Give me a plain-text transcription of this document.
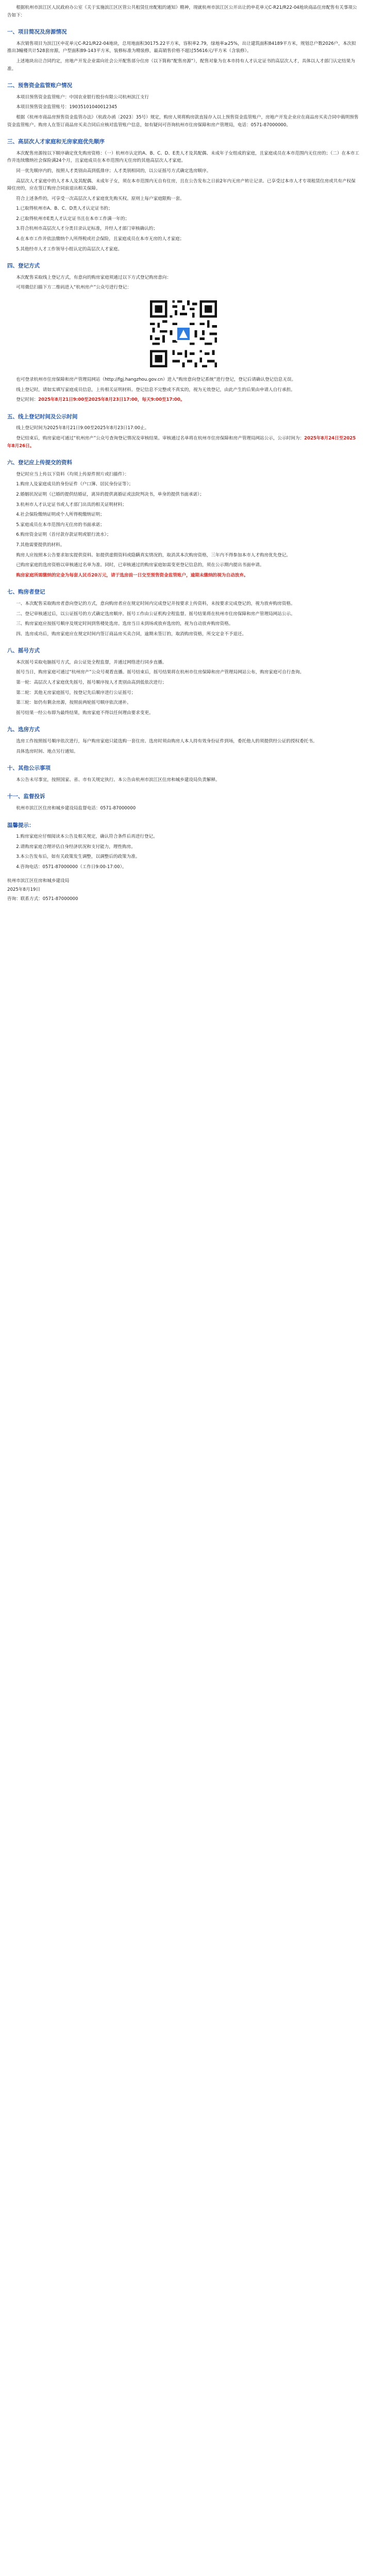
根据杭州市滨江区人民政府办公室《关于实施滨江区区管公共租赁住房配租的通知》精神，现就杭州市滨江区公开出让的申花单元C-R21/R22-04地块商品住房配售有关事项公告如下：

一、项目简况及房源情况

本次销售项目为滨江区申花单元C-R21/R22-04地块，总用地面积30175.22平方米，容积率2.79，绿地率≥25%，出让建筑面积84189平方米，规划总户数2026户，本次拟推出3幢楼共计528套房源，户型面积89-143平方米，装修标准为精装修，最高销售价格不超过55616元/平方米（含装修）。

上述地块出让合同约定，房地产开发企业需向社会公开配售部分住房（以下简称“配售房源”），配售对象为在本市持有人才认定证书的高层次人才，具体以人才部门认定结果为准。

二、预售资金监管账户情况

本项目预售资金监管账户：中国农业银行股份有限公司杭州滨江支行

本项目预售资金监管账号：19035101040012345

根据《杭州市商品房预售资金监管办法》（杭政办函〔2023〕35号）规定，购房人须将购房款直接存入以上预售资金监管账户，房地产开发企业应在商品房买卖合同中载明预售资金监管账户。购房人在签订商品房买卖合同后应核对监管账户信息，如有疑问可咨询杭州市住房保障和房产管理局，电话：0571-87000000。

三、高层次人才家庭和无房家庭优先顺序

本次配售房源按以下顺序确定优先购房资格：（一）杭州市认定的A、B、C、D、E类人才及其配偶、未成年子女组成的家庭，且家庭成员在本市范围内无住房的；（二）在本市工作并连续缴纳社会保险满24个月，且家庭成员在本市范围内无住房的其他高层次人才家庭。

同一优先顺序内的，按照人才类别由高到低排序；人才类别相同的，以公证摇号方式确定选房顺序。

高层次人才家庭中的人才本人及其配偶、未成年子女，须在本市范围内无自有住房，且在公告发布之日前2年内无房产转让记录。已享受过本市人才专项租赁住房或共有产权保障住房的，应在签订购房合同前退出相关保障。

符合上述条件的，可享受一次高层次人才家庭优先购买权。原则上每户家庭限购一套。

1.已取得杭州市A、B、C、D类人才认定证书的；

2.已取得杭州市E类人才认定证书且在本市工作满一年的；

3.符合杭州市高层次人才分类目录认定标准，并经人才部门审核确认的；

4.在本市工作并依法缴纳个人所得税或社会保险，且家庭成员在本市无房的人才家庭；

5.其他经市人才工作领导小组认定的高层次人才家庭。

四、登记方式

本次配售采取线上登记方式，有意向的购房家庭须通过以下方式登记购房意向：

可用微信扫描下方二维码进入“杭州房产”公众号进行登记：

也可登录杭州市住房保障和房产管理局网站（http://fgj.hangzhou.gov.cn）进入“购房意向登记系统”进行登记，登记后请确认登记信息无误。

线上登记时，请如实填写家庭成员信息，上传相关证明材料。登记信息不完整或不真实的，视为无效登记，由此产生的后果由申请人自行承担。

登记时间：2025年8月21日9:00至2025年8月23日17:00，每天9:00至17:00。

五、线上登记时间及公示时间

线上登记时间为2025年8月21日9:00至2025年8月23日17:00止。

登记结束后，购房家庭可通过“杭州房产”公众号查询登记情况及审核结果。审核通过名单将在杭州市住房保障和房产管理局网站公示，公示时间为：2025年8月24日至2025年8月26日。

六、登记应上传提交的资料

登记时应当上传以下资料（均须上传原件照片或扫描件）：

1.购房人及家庭成员的身份证件（户口簿、居民身份证等）；

2.婚姻状况证明（已婚的提供结婚证，离异的提供离婚证或法院判决书，单身的提供书面承诺）；

3.杭州市人才认定证书或人才部门出具的相关证明材料；

4.社会保险缴纳证明或个人所得税缴纳证明；

5.家庭成员在本市范围内无住房的书面承诺；

6.购房资金证明（首付款存款证明或银行流水）；

7.其他需要提供的材料。

购房人应按照本公告要求如实提供资料。如提供虚假资料或隐瞒真实情况的，取消其本次购房资格，三年内不得参加本市人才购房优先登记。

已购房家庭的选房资格以审核通过名单为准。同时，已审核通过的购房家庭如需变更登记信息的，须在公示期内提出书面申请。

购房家庭所需缴纳的定金为每套人民币20万元，请于选房前一日交至预售资金监管账户，逾期未缴纳的视为自动放弃。

七、购房者登记

一、本次配售采取购房者意向登记的方式，意向购房者应在规定时间内完成登记并按要求上传资料，未按要求完成登记的，视为放弃购房资格。

二、登记审核通过后，以公证摇号的方式确定选房顺序。摇号工作由公证机构全程监督。摇号结果将在杭州市住房保障和房产管理局网站公示。

三、购房家庭应按摇号顺序及规定时间到售楼处选房。选房当日未到场或放弃选房的，视为自动放弃购房资格。

四、选房成功后，购房家庭应在规定时间内签订商品房买卖合同，逾期未签订的，取消购房资格，所交定金不予退还。

八、摇号方式

本次摇号采取电脑摇号方式，由公证处全程监督，并通过网络进行同步直播。

摇号当日，购房家庭可通过“杭州房产”公众号观看直播。摇号结束后，摇号结果将在杭州市住房保障和房产管理局网站公布，购房家庭可自行查询。

第一轮：高层次人才家庭优先摇号，摇号顺序按人才类别由高到低依次进行；

第二轮：其他无房家庭摇号，按登记先后顺序进行公证摇号；

第三轮：如仍有剩余房源，按照前两轮摇号顺序依次递补。

摇号结果一经公布即为最终结果，购房家庭不得以任何理由要求变更。

九、选房方式

选房工作按照摇号顺序依次进行，每户购房家庭只能选购一套住房。选房时须由购房人本人持有效身份证件到场，委托他人的须提供经公证的授权委托书。

具体选房时间、地点另行通知。

十、其他公示事项

本公告未尽事宜，按照国家、省、市有关规定执行。本公告由杭州市滨江区住房和城乡建设局负责解释。

十一、监督投诉

杭州市滨江区住房和城乡建设局监督电话：0571-87000000

温馨提示：

1.购房家庭应仔细阅读本公告及相关规定，确认符合条件后再进行登记。

2.请购房家庭合理评估自身经济状况和支付能力，理性购房。

3.本公告发布后，如有关政策发生调整，以调整后的政策为准。

4.咨询电话：0571-87000000（工作日9:00-17:00）。

杭州市滨江区住房和城乡建设局

2025年8月19日

咨询：联系方式：0571-87000000
